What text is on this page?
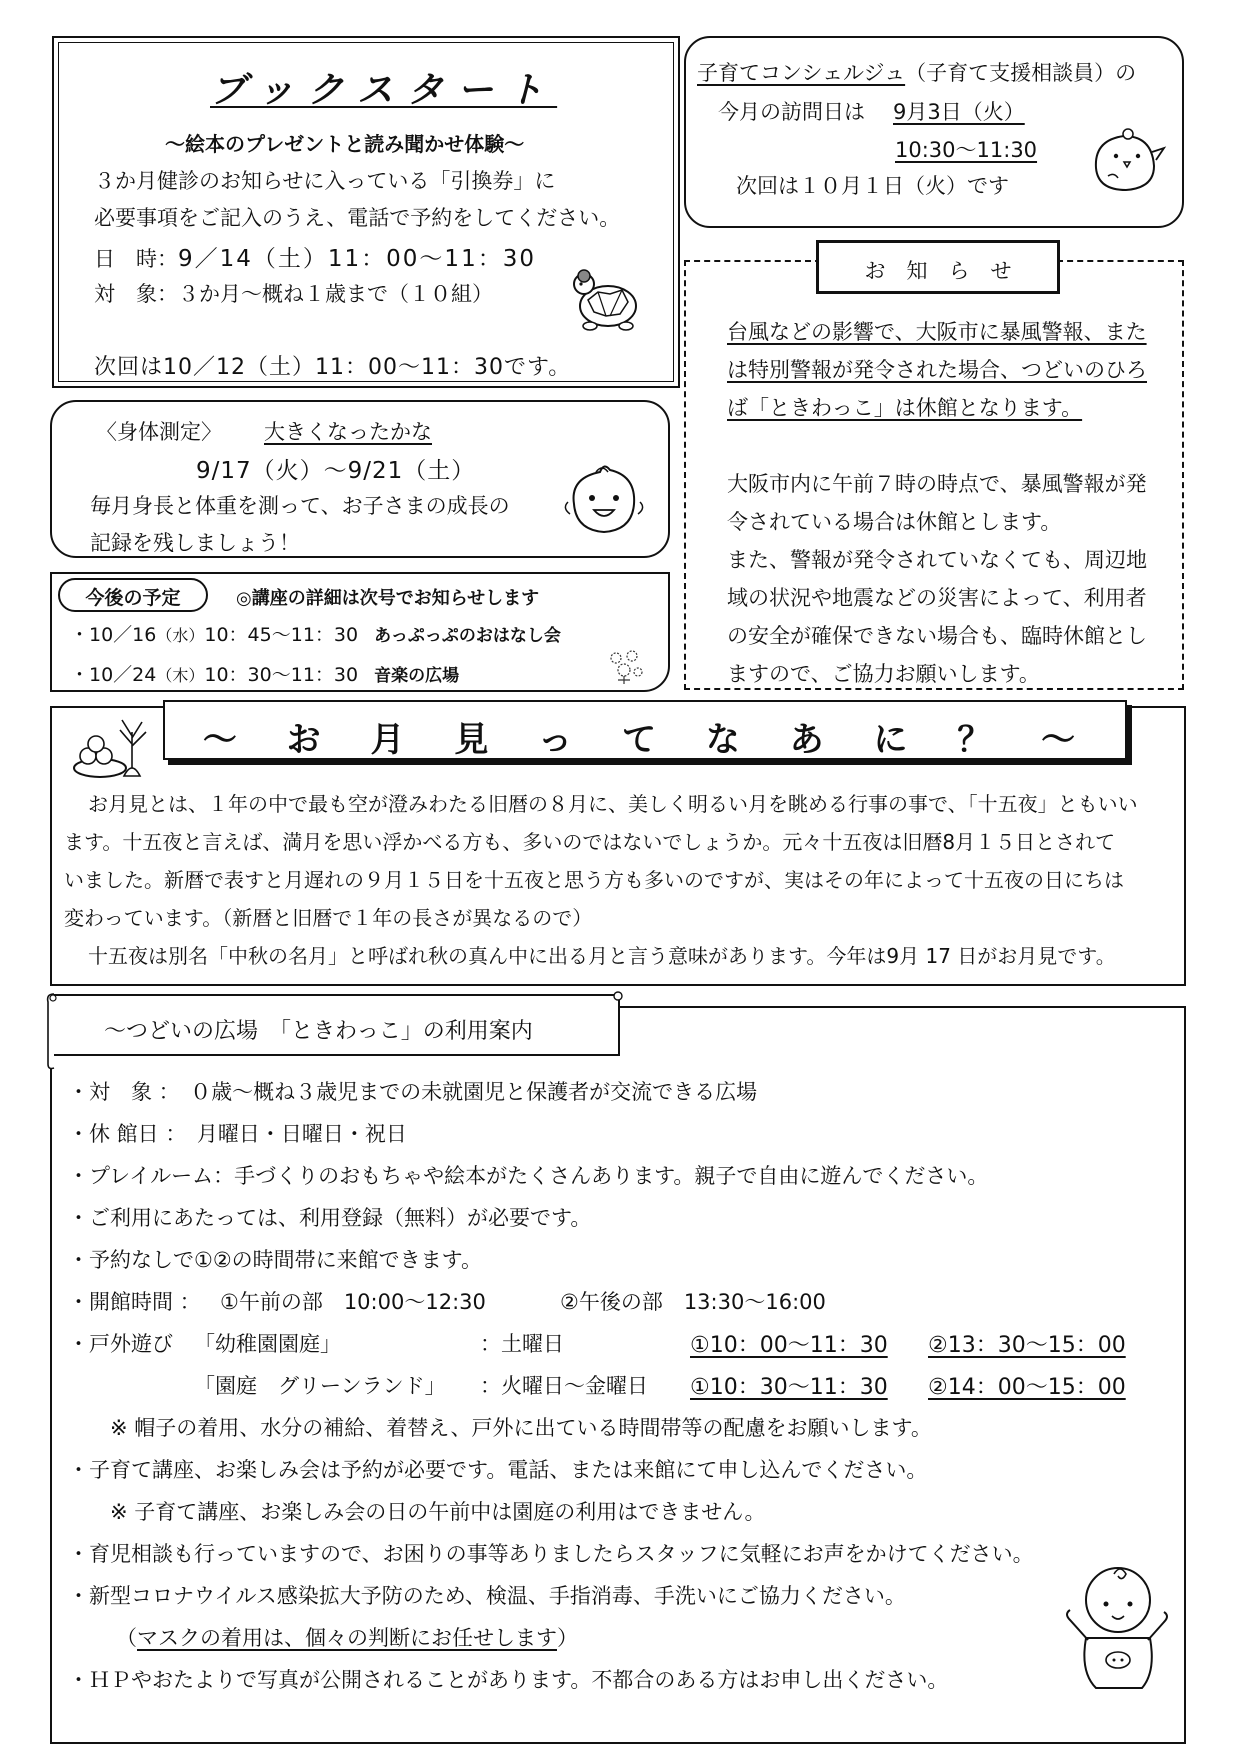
ブックスタート
～絵本のプレゼントと読み聞かせ体験～
３か月健診のお知らせに入っている「引換券」に
必要事項をご記入のうえ、電話で予約をしてください。
日　時：9／14（土）11：00～11：30
対　象：３か月～概ね１歳まで（１０組）
次回は10／12（土）11：00～11：30です。
子育てコンシェルジュ（子育て支援相談員）の
今月の訪問日は 9月3日（火）
10:30～11:30
次回は１０月１日（火）です
お　知　ら　せ
台風などの影響で、大阪市に暴風警報、また
は特別警報が発令された場合、つどいのひろ
ば「ときわっこ」は休館となります。
大阪市内に午前７時の時点で、暴風警報が発
令されている場合は休館とします。
また、警報が発令されていなくても、周辺地
域の状況や地震などの災害によって、利用者
の安全が確保できない場合も、臨時休館とし
ますので、ご協力お願いします。
〈身体測定〉 大きくなったかな
9/17（火）～9/21（土）
毎月身長と体重を測って、お子さまの成長の
記録を残しましょう！
今後の予定	◎講座の詳細は次号でお知らせします
・10／16（水）10：45～11：30 あっぷっぷのおはなし会
・10／24（木）10：30～11：30 音楽の広場
～ お 月 見 っ て な あ に ？ ～
お月見とは、１年の中で最も空が澄みわたる旧暦の８月に、美しく明るい月を眺める行事の事で、「十五夜」ともいい
ます。十五夜と言えば、満月を思い浮かべる方も、多いのではないでしょうか。元々十五夜は旧暦8月１５日とされて
いました。新暦で表すと月遅れの９月１５日を十五夜と思う方も多いのですが、実はその年によって十五夜の日にちは
変わっています。（新暦と旧暦で１年の長さが異なるので）
十五夜は別名「中秋の名月」と呼ばれ秋の真ん中に出る月と言う意味があります。今年は9月 17 日がお月見です。
～つどいの広場　「ときわっこ」の利用案内
・対　象 ：　０歳～概ね３歳児までの未就園児と保護者が交流できる広場
・休 館日 ：　月曜日・日曜日・祝日
・プレイルーム：手づくりのおもちゃや絵本がたくさんあります。親子で自由に遊んでください。
・ご利用にあたっては、利用登録（無料）が必要です。
・予約なしで①②の時間帯に来館できます。
・開館時間 ： ①午前の部　10:00～12:30	②午後の部　13:30～16:00
・戸外遊び 「幼稚園園庭」	：土曜日	①10：00～11：30 ②13：30～15：00
「園庭　グリーンランド」 ：火曜日～金曜日 ①10：30～11：30 ②14：00～15：00
※ 帽子の着用、水分の補給、着替え、戸外に出ている時間帯等の配慮をお願いします。
・子育て講座、お楽しみ会は予約が必要です。電話、または来館にて申し込んでください。
※ 子育て講座、お楽しみ会の日の午前中は園庭の利用はできません。
・育児相談も行っていますので、お困りの事等ありましたらスタッフに気軽にお声をかけてください。
・新型コロナウイルス感染拡大予防のため、検温、手指消毒、手洗いにご協力ください。
（マスクの着用は、個々の判断にお任せします）
・ＨＰやおたよりで写真が公開されることがあります。不都合のある方はお申し出ください。
